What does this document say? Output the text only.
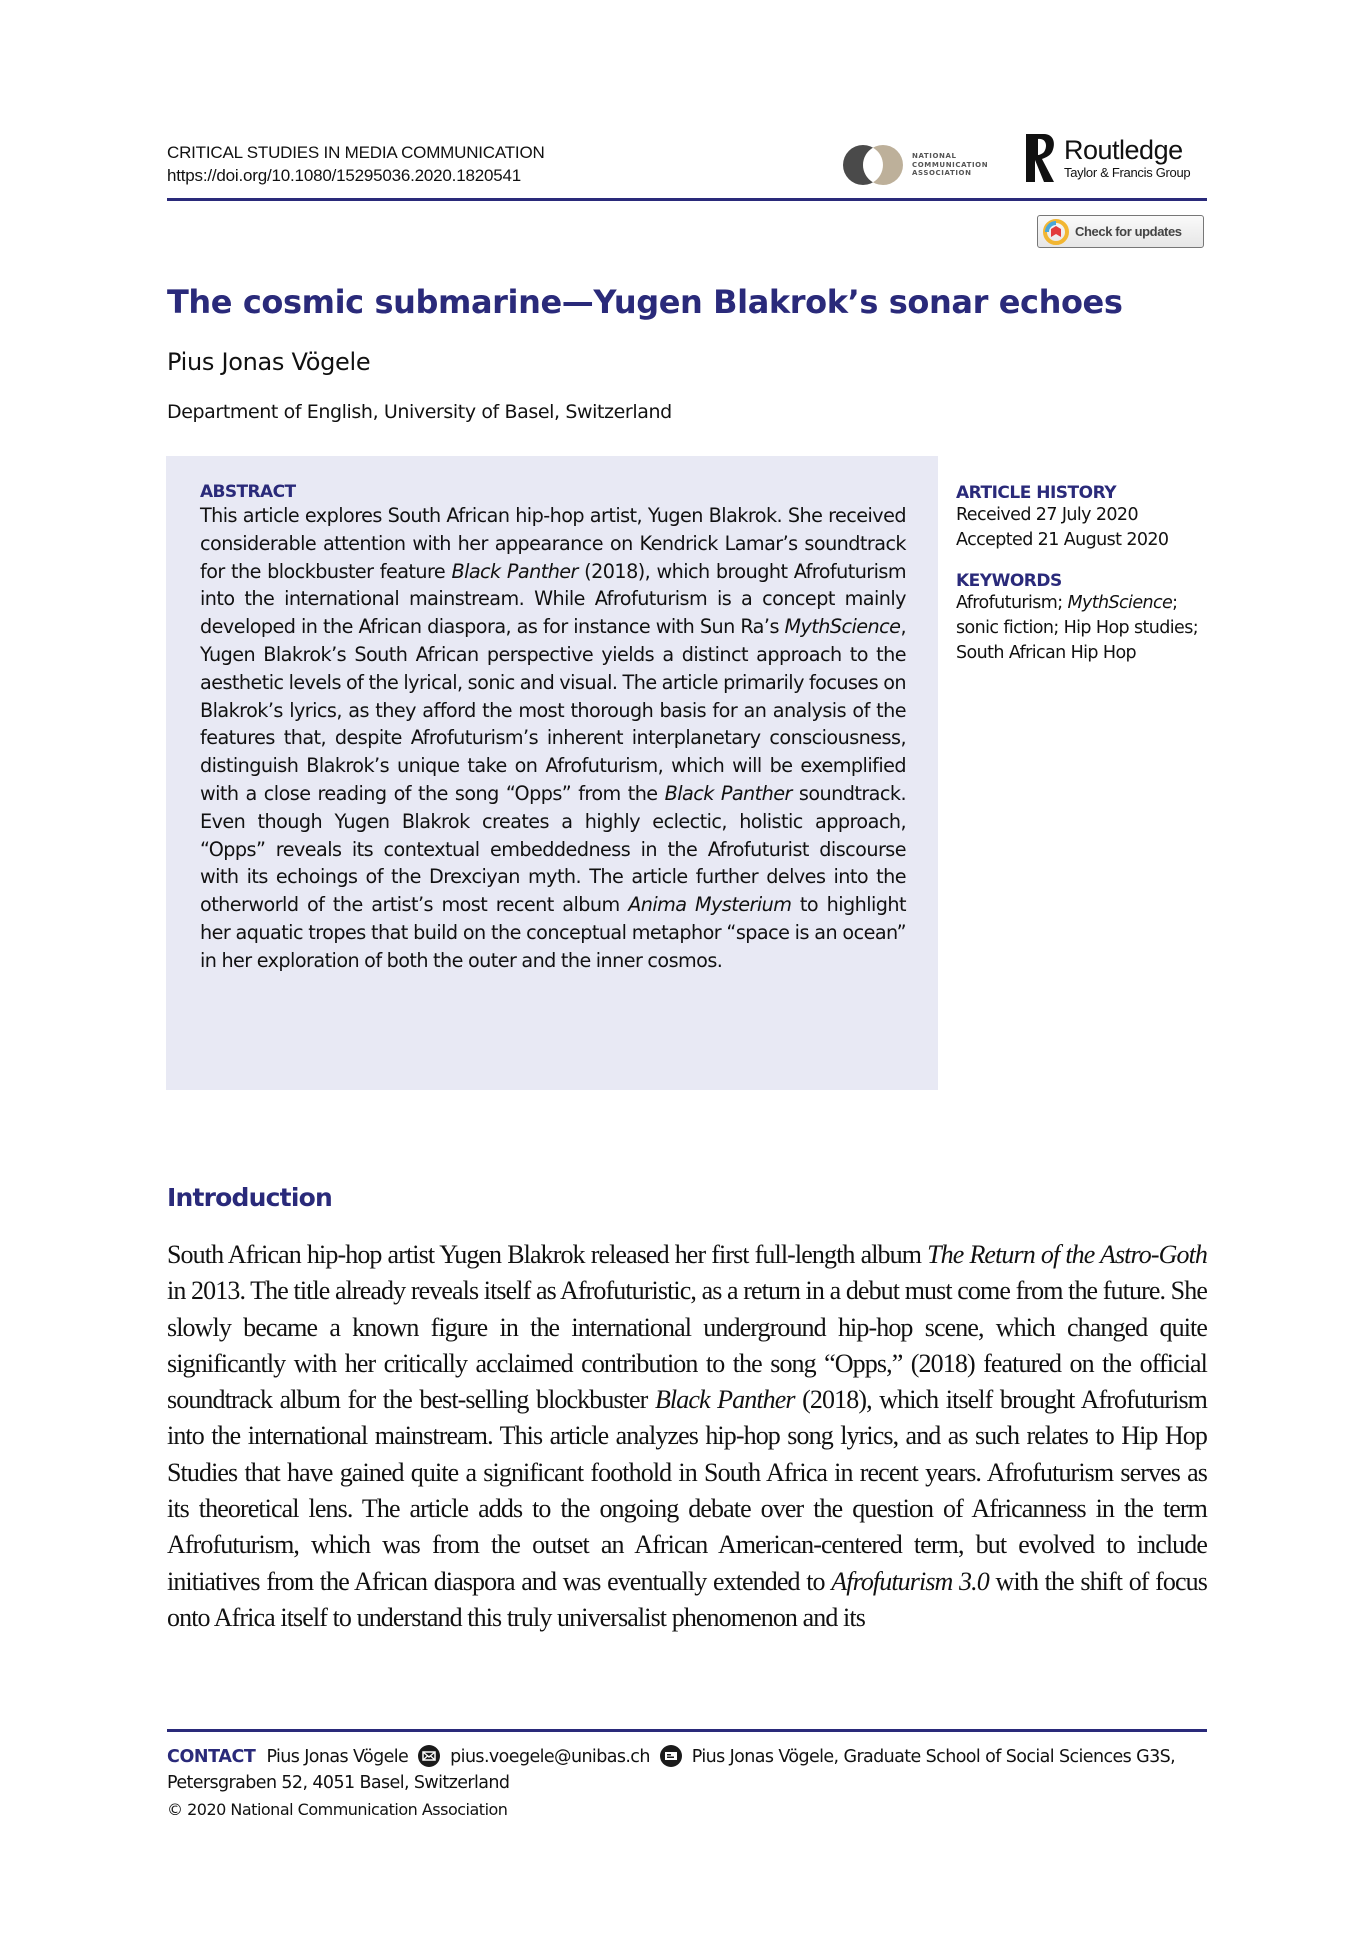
CRITICAL STUDIES IN MEDIA COMMUNICATION
https://doi.org/10.1080/15295036.2020.1820541
NATIONAL
COMMUNICATION
ASSOCIATION
Routledge
Taylor & Francis Group
Check for updates
The cosmic submarine—Yugen Blakrok’s sonar echoes
Pius Jonas Vögele
Department of English, University of Basel, Switzerland
ABSTRACT

This article explores South African hip-hop artist, Yugen Blakrok. She received considerable attention with her appearance on Kendrick Lamar’s soundtrack for the blockbuster feature Black Panther (2018), which brought Afrofuturism into the international mainstream. While Afrofuturism is a concept mainly developed in the African diaspora, as for instance with Sun Ra’s MythScience, Yugen Blakrok’s South African perspective yields a distinct approach to the aesthetic levels of the lyrical, sonic and visual. The article primarily focuses on Blakrok’s lyrics, as they afford the most thorough basis for an analysis of the features that, despite Afrofuturism’s inherent interplanetary consciousness, distinguish Blakrok’s unique take on Afrofuturism, which will be exemplified with a close reading of the song “Opps” from the Black Panther soundtrack. Even though Yugen Blakrok creates a highly eclectic, holistic approach, “Opps” reveals its contextual embeddedness in the Afrofuturist discourse with its echoings of the Drexciyan myth. The article further delves into the otherworld of the artist’s most recent album Anima Mysterium to highlight her aquatic tropes that build on the conceptual metaphor “space is an ocean” in her exploration of both the outer and the inner cosmos.

ARTICLE HISTORY
Received 27 July 2020
Accepted 21 August 2020
KEYWORDS
Afrofuturism; MythScience; sonic fiction; Hip Hop studies; South African Hip Hop
Introduction

South African hip-hop artist Yugen Blakrok released her first full-length album The Return of the Astro-Goth in 2013. The title already reveals itself as Afrofuturistic, as a return in a debut must come from the future. She slowly became a known figure in the international underground hip-hop scene, which changed quite significantly with her critically acclaimed contribution to the song “Opps,” (2018) featured on the official soundtrack album for the best-selling blockbuster Black Panther (2018), which itself brought Afrofuturism into the international mainstream. This article analyzes hip-hop song lyrics, and as such relates to Hip Hop Studies that have gained quite a significant foothold in South Africa in recent years. Afrofuturism serves as its theoretical lens. The article adds to the ongoing debate over the question of Africanness in the term Afrofuturism, which was from the outset an African American-centered term, but evolved to include initiatives from the African diaspora and was eventually extended to Afrofuturism 3.0 with the shift of focus onto Africa itself to understand this truly universalist phenomenon and its

CONTACT Pius Jonas Vögele pius.voegele@unibas.ch Pius Jonas Vögele, Graduate School of Social Sciences G3S, Petersgraben 52, 4051 Basel, Switzerland
© 2020 National Communication Association
